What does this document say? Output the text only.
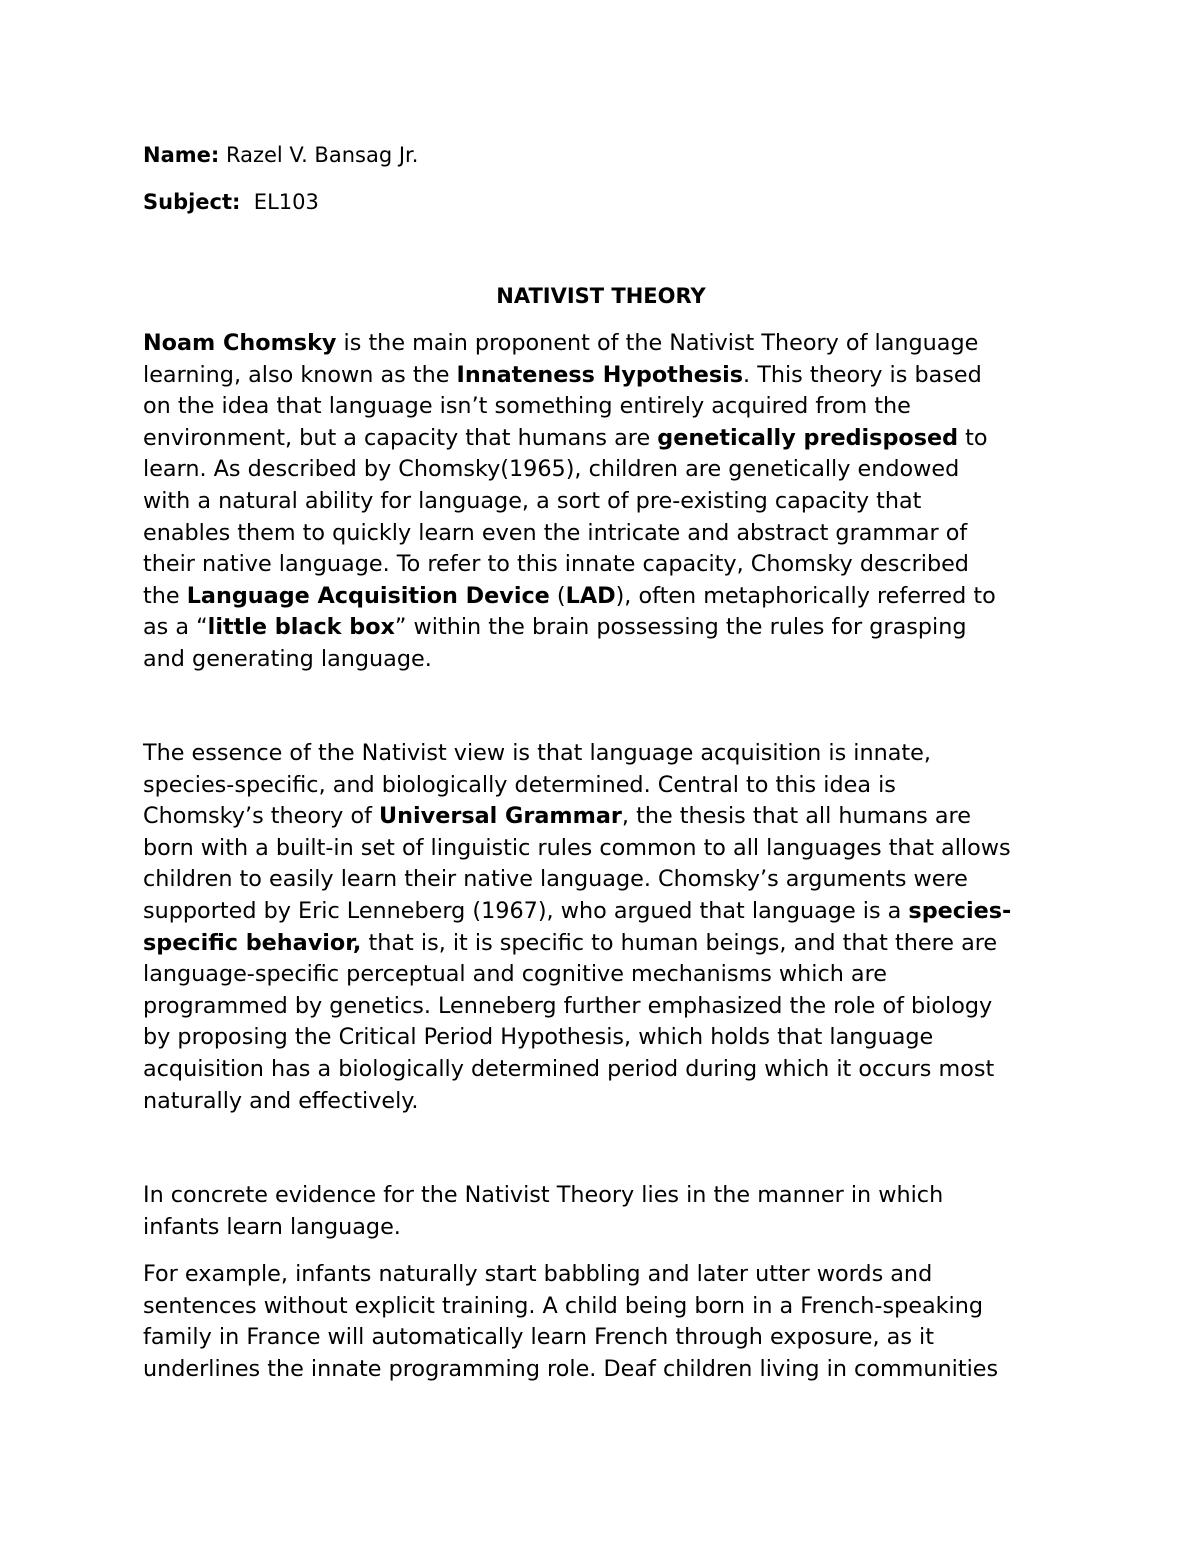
Name: Razel V. Bansag Jr.
Subject: EL103
NATIVIST THEORY

Noam Chomsky is the main proponent of the Nativist Theory of language
learning, also known as the Innateness Hypothesis. This theory is based
on the idea that language isn’t something entirely acquired from the
environment, but a capacity that humans are genetically predisposed to
learn. As described by Chomsky(1965), children are genetically endowed
with a natural ability for language, a sort of pre-existing capacity that
enables them to quickly learn even the intricate and abstract grammar of
their native language. To refer to this innate capacity, Chomsky described
the Language Acquisition Device (LAD), often metaphorically referred to
as a “little black box” within the brain possessing the rules for grasping
and generating language.

The essence of the Nativist view is that language acquisition is innate,
species-specific, and biologically determined. Central to this idea is
Chomsky’s theory of Universal Grammar, the thesis that all humans are
born with a built-in set of linguistic rules common to all languages that allows
children to easily learn their native language. Chomsky’s arguments were
supported by Eric Lenneberg (1967), who argued that language is a species-
specific behavior, that is, it is specific to human beings, and that there are
language-specific perceptual and cognitive mechanisms which are
programmed by genetics. Lenneberg further emphasized the role of biology
by proposing the Critical Period Hypothesis, which holds that language
acquisition has a biologically determined period during which it occurs most
naturally and effectively.

In concrete evidence for the Nativist Theory lies in the manner in which
infants learn language.

For example, infants naturally start babbling and later utter words and
sentences without explicit training. A child being born in a French-speaking
family in France will automatically learn French through exposure, as it
underlines the innate programming role. Deaf children living in communities
